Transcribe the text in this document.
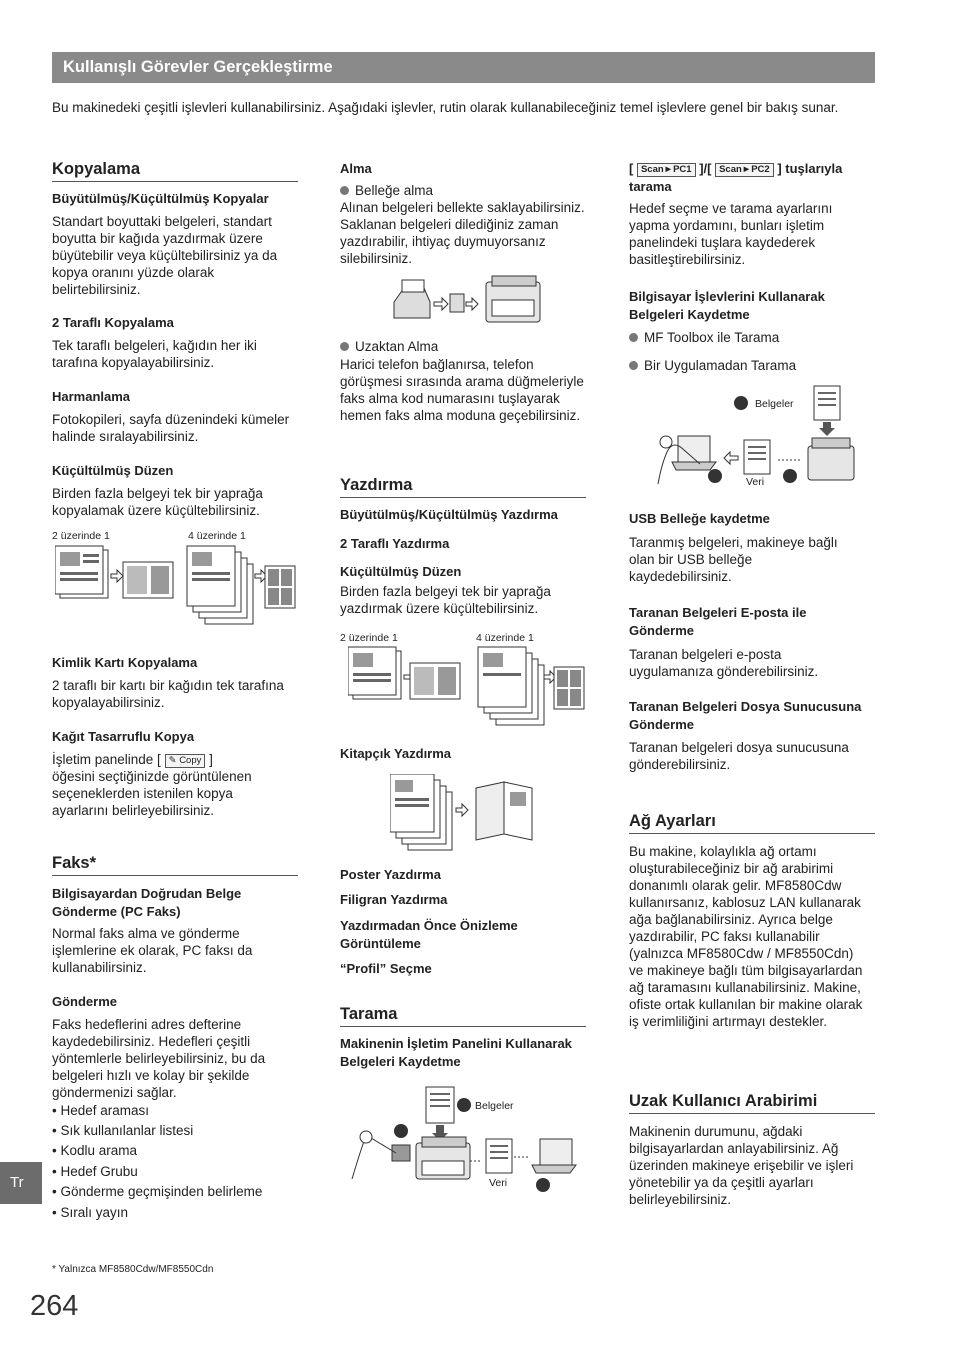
Kullanışlı Görevler Gerçekleştirme
Bu makinedeki çeşitli işlevleri kullanabilirsiniz. Aşağıdaki işlevler, rutin olarak kullanabileceğiniz temel işlevlere genel bir bakış sunar.
Kopyalama
Büyütülmüş/Küçültülmüş Kopyalar
Standart boyuttaki belgeleri, standart boyutta bir kağıda yazdırmak üzere büyütebilir veya küçültebilirsiniz ya da kopya oranını yüzde olarak belirtebilirsiniz.
2 Taraflı Kopyalama
Tek taraflı belgeleri, kağıdın her iki tarafına kopyalayabilirsiniz.
Harmanlama
Fotokopileri, sayfa düzenindeki kümeler halinde sıralayabilirsiniz.
Küçültülmüş Düzen
Birden fazla belgeyi tek bir yaprağa kopyalamak üzere küçültebilirsiniz.
2 üzerinde 1	4 üzerinde 1
Kimlik Kartı Kopyalama
2 taraflı bir kartı bir kağıdın tek tarafına kopyalayabilirsiniz.
Kağıt Tasarruflu Kopya
İşletim panelinde [ ✎ Copy ]
öğesini seçtiğinizde görüntülenen seçeneklerden istenilen kopya ayarlarını belirleyebilirsiniz.
Faks*
Bilgisayardan Doğrudan Belge Gönderme (PC Faks)
Normal faks alma ve gönderme işlemlerine ek olarak, PC faksı da kullanabilirsiniz.
Gönderme
Faks hedeflerini adres defterine kaydedebilirsiniz. Hedefleri çeşitli yöntemlerle belirleyebilirsiniz, bu da belgeleri hızlı ve kolay bir şekilde göndermenizi sağlar.
• Hedef araması
• Sık kullanılanlar listesi
• Kodlu arama
• Hedef Grubu
• Gönderme geçmişinden belirleme
• Sıralı yayın
Alma
Belleğe alma
Alınan belgeleri bellekte saklayabilirsiniz. Saklanan belgeleri dilediğiniz zaman yazdırabilir, ihtiyaç duymuyorsanız silebilirsiniz.
Uzaktan Alma
Harici telefon bağlanırsa, telefon görüşmesi sırasında arama düğmeleriyle faks alma kod numarasını tuşlayarak hemen faks alma moduna geçebilirsiniz.
Yazdırma
Büyütülmüş/Küçültülmüş Yazdırma
2 Taraflı Yazdırma
Küçültülmüş Düzen
Birden fazla belgeyi tek bir yaprağa yazdırmak üzere küçültebilirsiniz.
2 üzerinde 1	4 üzerinde 1
Kitapçık Yazdırma
Poster Yazdırma
Filigran Yazdırma
Yazdırmadan Önce Önizleme Görüntüleme
“Profil” Seçme
Tarama
Makinenin İşletim Panelini Kullanarak Belgeleri Kaydetme
Belgeler
Veri
[ Scan►PC1 ]/[ Scan►PC2 ] tuşlarıyla
tarama
Hedef seçme ve tarama ayarlarını yapma yordamını, bunları işletim panelindeki tuşlara kaydederek basitleştirebilirsiniz.
Bilgisayar İşlevlerini Kullanarak Belgeleri Kaydetme
MF Toolbox ile Tarama
Bir Uygulamadan Tarama
Belgeler
Veri
USB Belleğe kaydetme
Taranmış belgeleri, makineye bağlı olan bir USB belleğe kaydedebilirsiniz.
Taranan Belgeleri E-posta ile Gönderme
Taranan belgeleri e-posta uygulamanıza gönderebilirsiniz.
Taranan Belgeleri Dosya Sunucusuna Gönderme
Taranan belgeleri dosya sunucusuna gönderebilirsiniz.
Ağ Ayarları
Bu makine, kolaylıkla ağ ortamı oluşturabileceğiniz bir ağ arabirimi donanımlı olarak gelir. MF8580Cdw kullanırsanız, kablosuz LAN kullanarak ağa bağlanabilirsiniz. Ayrıca belge yazdırabilir, PC faksı kullanabilir (yalnızca MF8580Cdw / MF8550Cdn) ve makineye bağlı tüm bilgisayarlardan ağ taramasını kullanabilirsiniz. Makine, ofiste ortak kullanılan bir makine olarak iş verimliliğini artırmayı destekler.
Uzak Kullanıcı Arabirimi
Makinenin durumunu, ağdaki bilgisayarlardan anlayabilirsiniz. Ağ üzerinden makineye erişebilir ve işleri yönetebilir ya da çeşitli ayarları belirleyebilirsiniz.
Tr
* Yalnızca MF8580Cdw/MF8550Cdn
264
